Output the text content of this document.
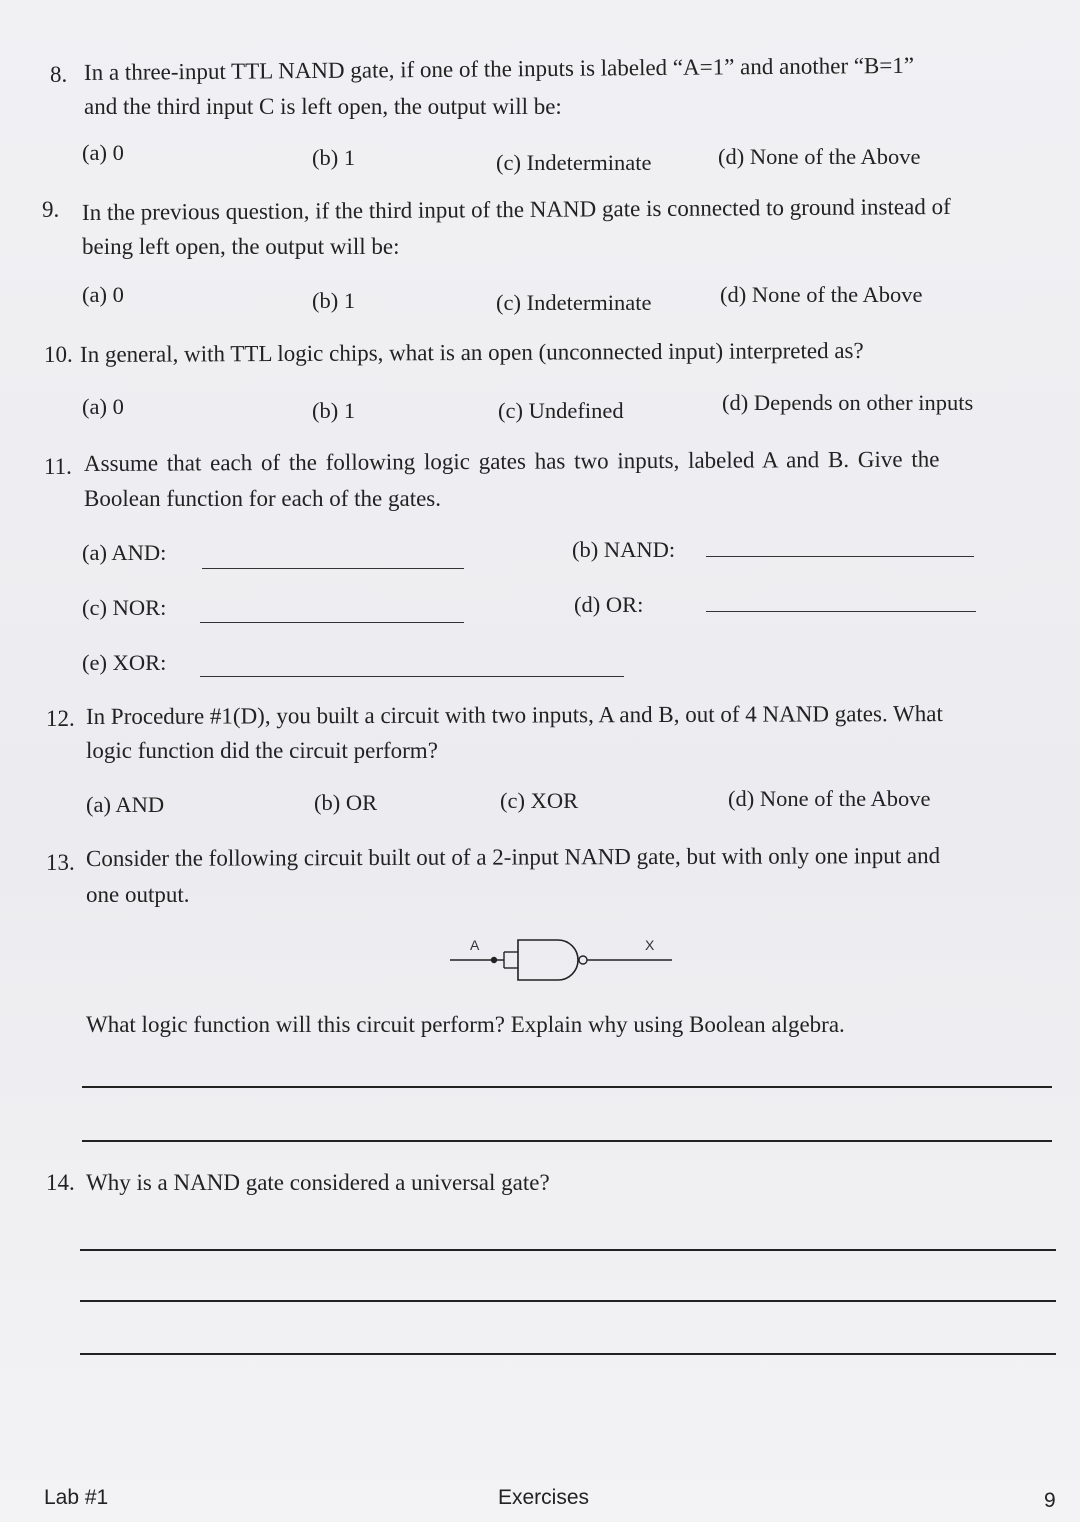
8. In a three-input TTL NAND gate, if one of the inputs is labeled “A=1” and another “B=1”
and the third input C is left open, the output will be:
(a) 0	(b) 1	(c) Indeterminate	(d) None of the Above
9. In the previous question, if the third input of the NAND gate is connected to ground instead of
being left open, the output will be:
(a) 0	(b) 1	(c) Indeterminate	(d) None of the Above
10. In general, with TTL logic chips, what is an open (unconnected input) interpreted as?
(a) 0	(b) 1	(c) Undefined	(d) Depends on other inputs
11. Assume that each of the following logic gates has two inputs, labeled A and B. Give the
Boolean function for each of the gates.
(a) AND:	(b) NAND:
(c) NOR:	(d) OR:
(e) XOR:
12. In Procedure #1(D), you built a circuit with two inputs, A and B, out of 4 NAND gates. What
logic function did the circuit perform?
(a) AND	(b) OR	(c) XOR	(d) None of the Above
13. Consider the following circuit built out of a 2-input NAND gate, but with only one input and
one output.
A	X
What logic function will this circuit perform? Explain why using Boolean algebra.
14. Why is a NAND gate considered a universal gate?
Lab #1	Exercises	9
